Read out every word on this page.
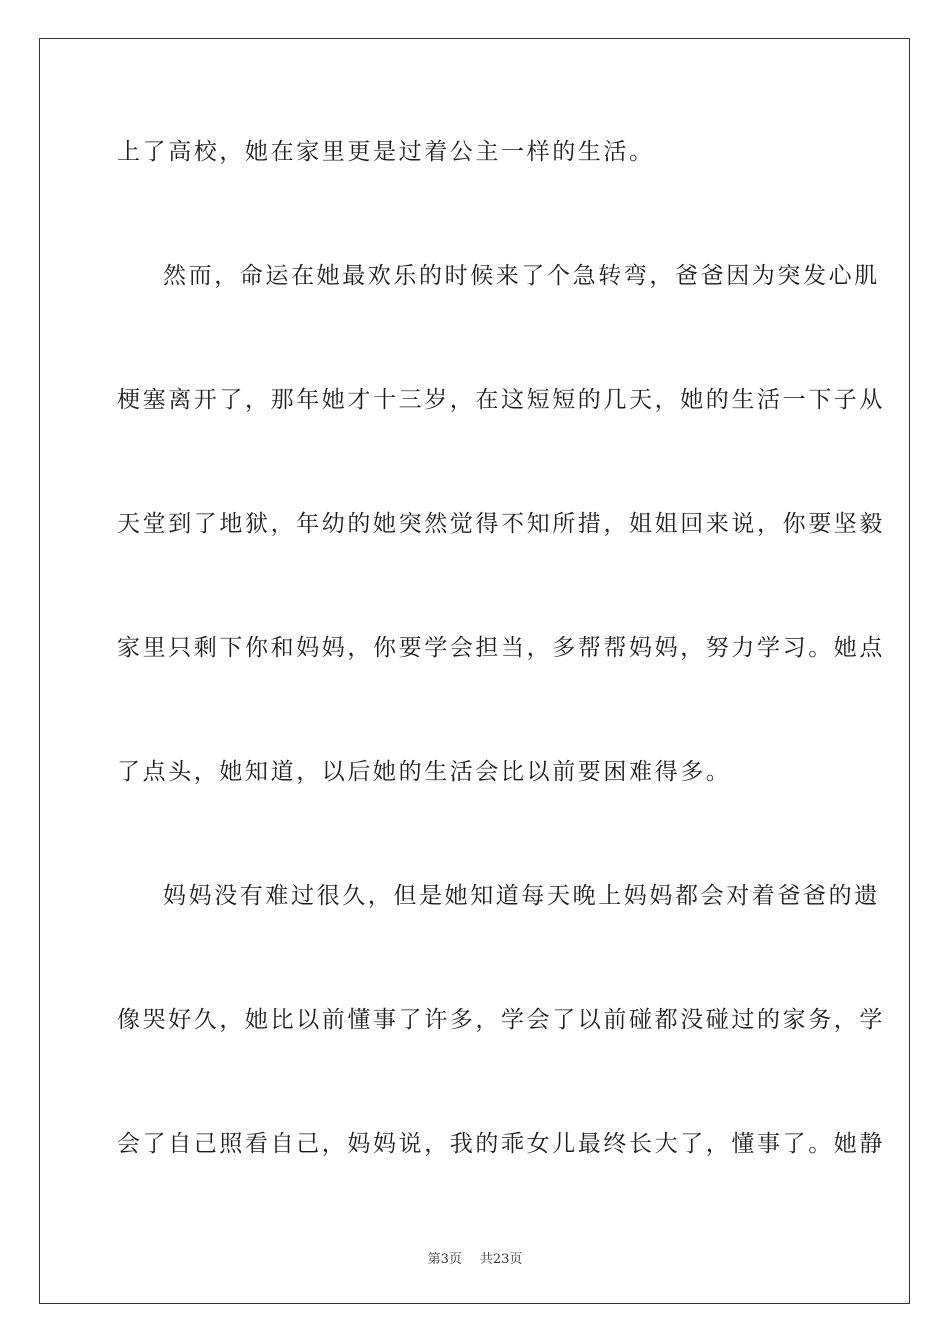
上了高校，她在家里更是过着公主一样的生活。
然而，命运在她最欢乐的时候来了个急转弯，爸爸因为突发心肌
梗塞离开了，那年她才十三岁，在这短短的几天，她的生活一下子从
天堂到了地狱，年幼的她突然觉得不知所措，姐姐回来说，你要坚毅
家里只剩下你和妈妈，你要学会担当，多帮帮妈妈，努力学习。她点
了点头，她知道，以后她的生活会比以前要困难得多。
妈妈没有难过很久，但是她知道每天晚上妈妈都会对着爸爸的遗
像哭好久，她比以前懂事了许多，学会了以前碰都没碰过的家务，学
会了自己照看自己，妈妈说，我的乖女儿最终长大了，懂事了。她静
第3页 共23页
